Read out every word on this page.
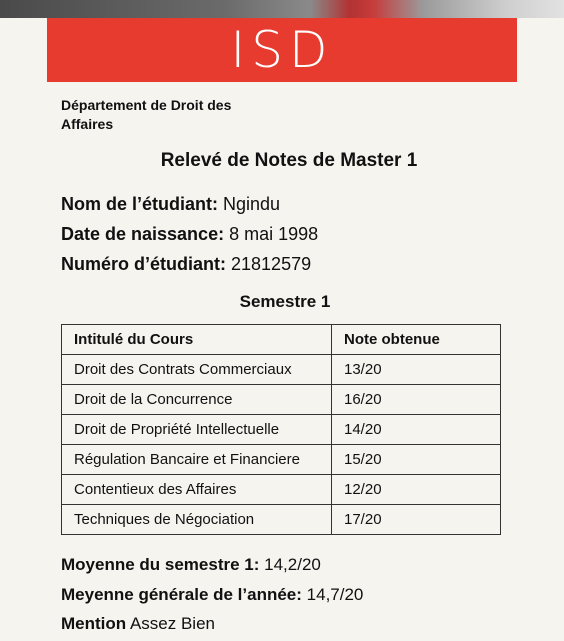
ISD
Département de Droit des Affaires
Relevé de Notes de Master 1
Nom de l’étudiant: Ngindu
Date de naissance: 8 mai 1998
Numéro d’étudiant: 21812579
Semestre 1
Intitulé du Cours	Note obtenue
Droit des Contrats Commerciaux	13/20
Droit de la Concurrence	16/20
Droit de Propriété Intellectuelle	14/20
Régulation Bancaire et Financiere	15/20
Contentieux des Affaires	12/20
Techniques de Négociation	17/20
Moyenne du semestre 1: 14,2/20
Meyenne générale de l’année: 14,7/20
Mention Assez Bien
